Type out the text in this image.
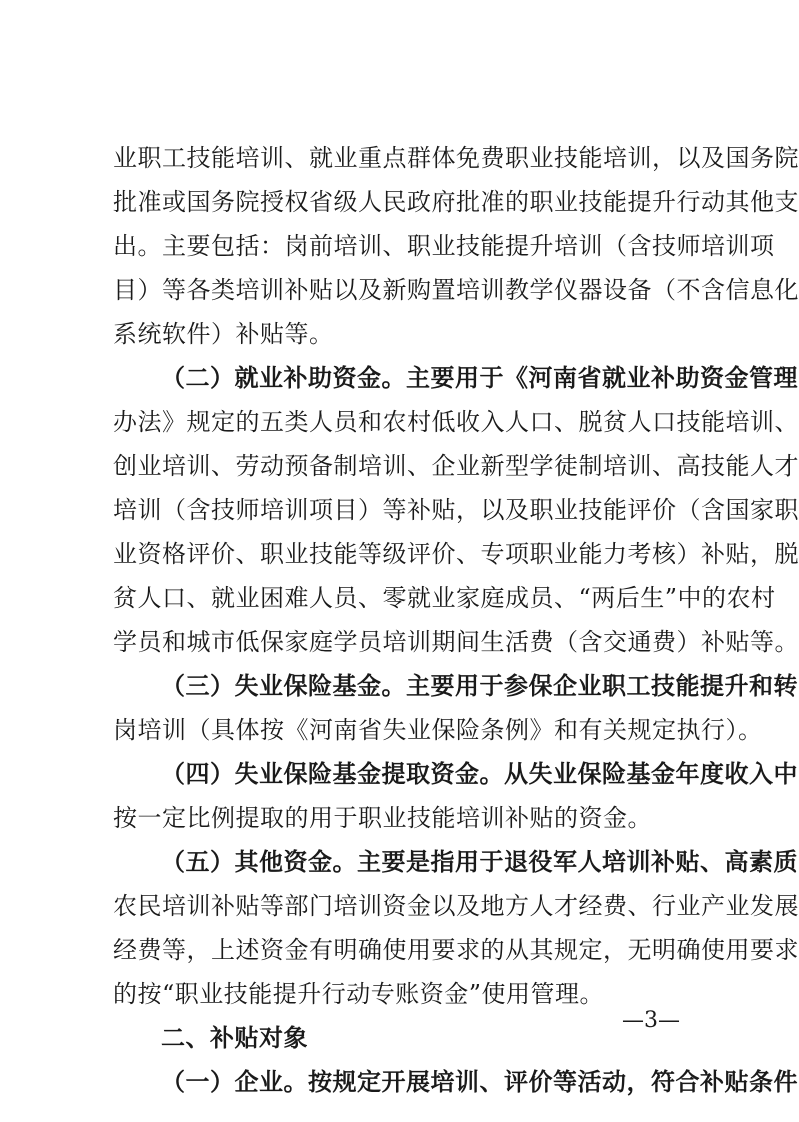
业职工技能培训、就业重点群体免费职业技能培训，以及国务院
批准或国务院授权省级人民政府批准的职业技能提升行动其他支
出。主要包括：岗前培训、职业技能提升培训（含技师培训项
目）等各类培训补贴以及新购置培训教学仪器设备（不含信息化
系统软件）补贴等。
（二）就业补助资金。主要用于《河南省就业补助资金管理
办法》规定的五类人员和农村低收入人口、脱贫人口技能培训、
创业培训、劳动预备制培训、企业新型学徒制培训、高技能人才
培训（含技师培训项目）等补贴，以及职业技能评价（含国家职
业资格评价、职业技能等级评价、专项职业能力考核）补贴，脱
贫人口、就业困难人员、零就业家庭成员、“两后生”中的农村
学员和城市低保家庭学员培训期间生活费（含交通费）补贴等。
（三）失业保险基金。主要用于参保企业职工技能提升和转
岗培训（具体按《河南省失业保险条例》和有关规定执行）。
（四）失业保险基金提取资金。从失业保险基金年度收入中
按一定比例提取的用于职业技能培训补贴的资金。
（五）其他资金。主要是指用于退役军人培训补贴、高素质
农民培训补贴等部门培训资金以及地方人才经费、行业产业发展
经费等，上述资金有明确使用要求的从其规定，无明确使用要求
的按“职业技能提升行动专账资金”使用管理。
二、补贴对象
（一）企业。按规定开展培训、评价等活动，符合补贴条件
—3—
